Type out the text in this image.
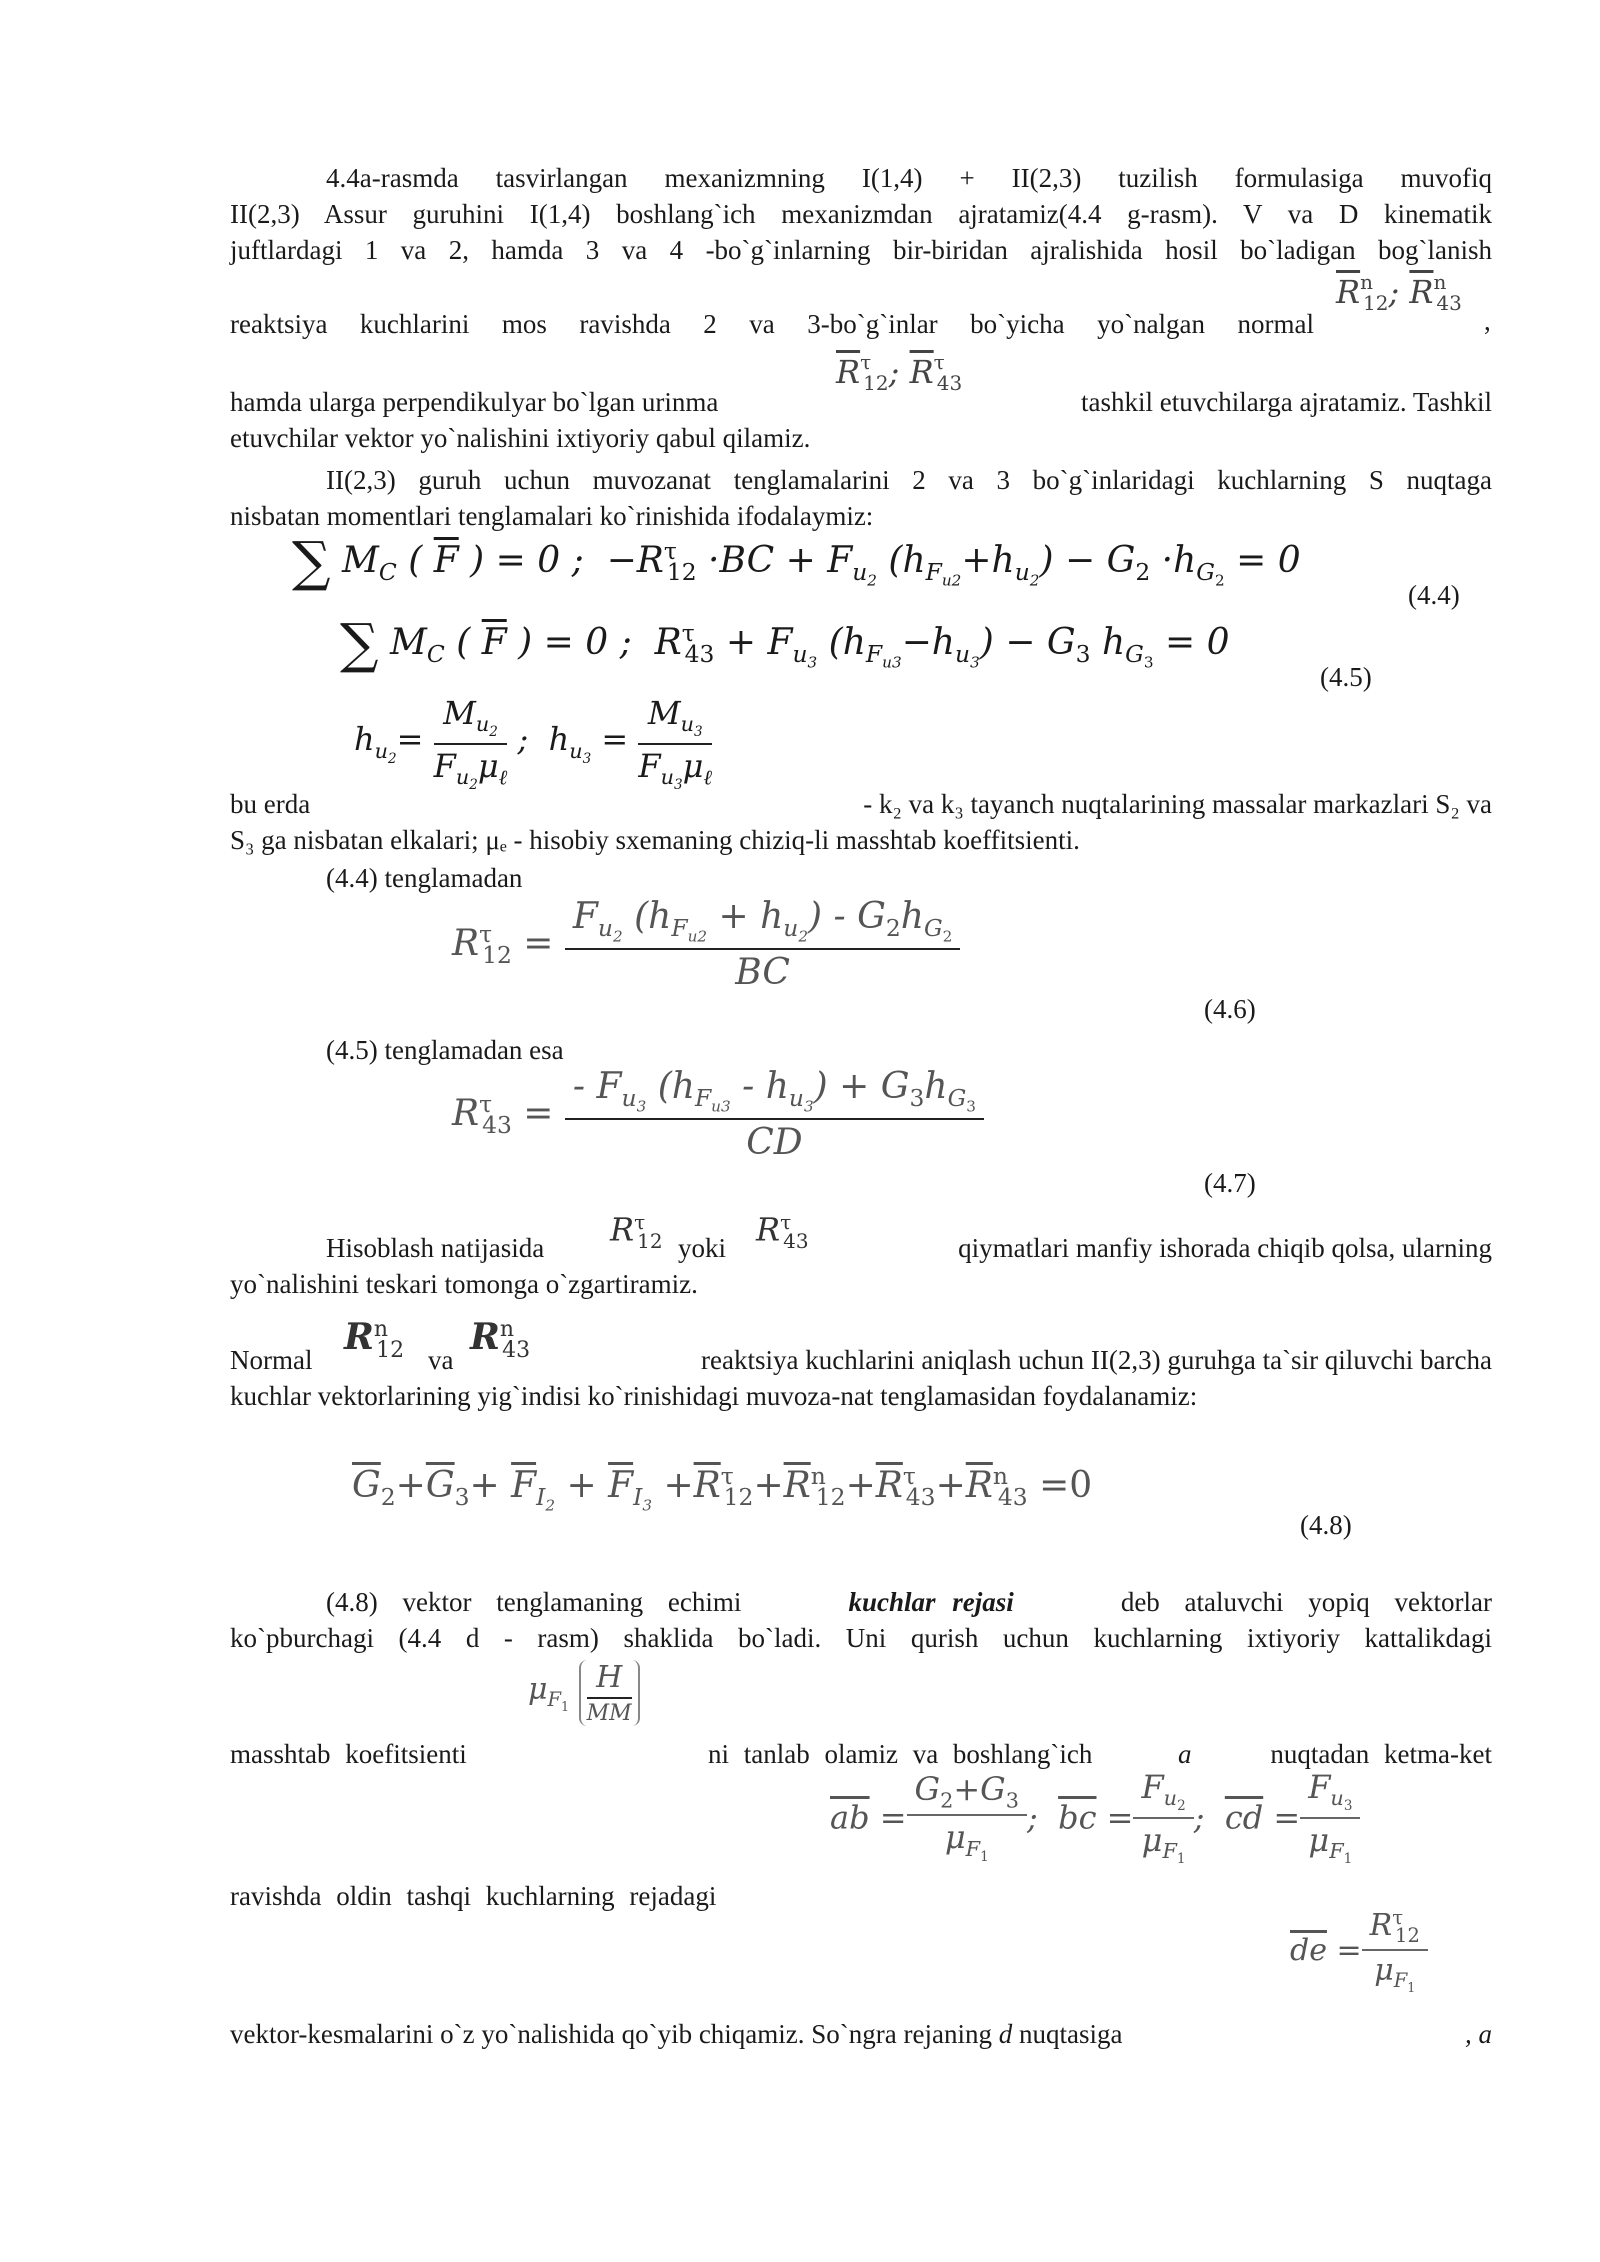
4.4a-rasmda tasvirlangan mexanizmning I(1,4) + II(2,3) tuzilish formulasiga muvofiq
II(2,3) Assur guruhini I(1,4) boshlang`ich mexanizmdan ajratamiz(4.4 g-rasm). V va D kinematik
juftlardagi 1 va 2, hamda 3 va 4 -bo`g`inlarning bir-biridan ajralishida hosil bo`ladigan bog`lanish
reaktsiya kuchlarini mos ravishda 2 va 3-bo`g`inlar bo`yicha yo`nalgan normal
$\overline{R}^n_{12}$; $\overline{R}^n_{43}$
,
hamda ularga perpendikulyar bo`lgan urinma
$\overline{R}^\tau_{12}$; $\overline{R}^\tau_{43}$
tashkil etuvchilarga ajratamiz. Tashkil
etuvchilar vektor yo`nalishini ixtiyoriy qabul qilamiz.
II(2,3) guruh uchun muvozanat tenglamalarini 2 va 3 bo`g`inlaridagi kuchlarning S nuqtaga
nisbatan momentlari tenglamalari ko`rinishida ifodalaymiz:
∑ $M_C$ ( $\overline{F}$ ) = 0 ;  $-R^\tau_{12} \cdot BC + F_{u_2}$ $(h_{F_{u2}}+h_{u_2}) - G_2 \cdot h_{G_2} = 0$
(4.4)
∑ $M_C$ ( $\overline{F}$ ) = 0 ;  $R^\tau_{43} + F_{u_3}$ $(h_{F_{u3}}-h_{u_3}) - G_3$ $h_{G_3} = 0$
(4.5)
$h_{u_2}= \frac{M_{u_2}}{F_{u_2}\mu_\ell}$ ;  $h_{u_3} = \frac{M_{u_3}}{F_{u_3}\mu_\ell}$
bu erda	- k₂ va k₃ tayanch nuqtalarining massalar markazlari S₂ va
S₃ ga nisbatan elkalari; μₑ - hisobiy sxemaning chiziq-li masshtab koeffitsienti.
(4.4) tenglamadan
$R^\tau_{12} = \frac{F_{u_2} (h_{F_{u2}} + h_{u_2}) - G_2h_{G_2}}{BC}$
(4.6)
(4.5) tenglamadan esa
$R^\tau_{43} = \frac{- F_{u_3} (h_{F_{u3}} - h_{u_3}) + G_3h_{G_3}}{CD}$
(4.7)
Hisoblash natijasida	$R^\tau_{12}$ yoki $R^\tau_{43}$	qiymatlari manfiy ishorada chiqib qolsa, ularning
yo`nalishini teskari tomonga o`zgartiramiz.
Normal
$R^n_{12}$ va
$R^n_{43}$	reaktsiya kuchlarini aniqlash uchun II(2,3) guruhga ta`sir qiluvchi barcha
kuchlar vektorlarining yig`indisi ko`rinishidagi muvoza-nat tenglamasidan foydalanamiz:
$\overline{G}_2+\overline{G}_3+ \overline{F}_{I_2} + \overline{F}_{I_3} +\overline{R}^\tau_{12}+\overline{R}^n_{12}+\overline{R}^\tau_{43}+\overline{R}^n_{43} =0$
(4.8)
(4.8) vektor tenglamaning echimi	kuchlar rejasi	deb ataluvchi yopiq vektorlar
ko`pburchagi (4.4 d - rasm) shaklida bo`ladi. Uni qurish uchun kuchlarning ixtiyoriy kattalikdagi
masshtab koefitsienti
$\mu_{F_1} \frac{H}{MM}$
ni tanlab olamiz va boshlang`ich	a	nuqtadan ketma-ket
$\overline{ab} = \frac{G_2+G_3}{\mu_{F_1}}$ ;  $\overline{bc} = \frac{F_{u_2}}{\mu_{F_1}}$ ;  $\overline{cd} = \frac{F_{u_3}}{\mu_{F_1}}$
ravishda oldin tashqi kuchlarning rejadagi
$\overline{de} = \frac{R^\tau_{12}}{\mu_{F_1}}$
vektor-kesmalarini o`z yo`nalishida qo`yib chiqamiz. So`ngra rejaning d nuqtasiga	, a
